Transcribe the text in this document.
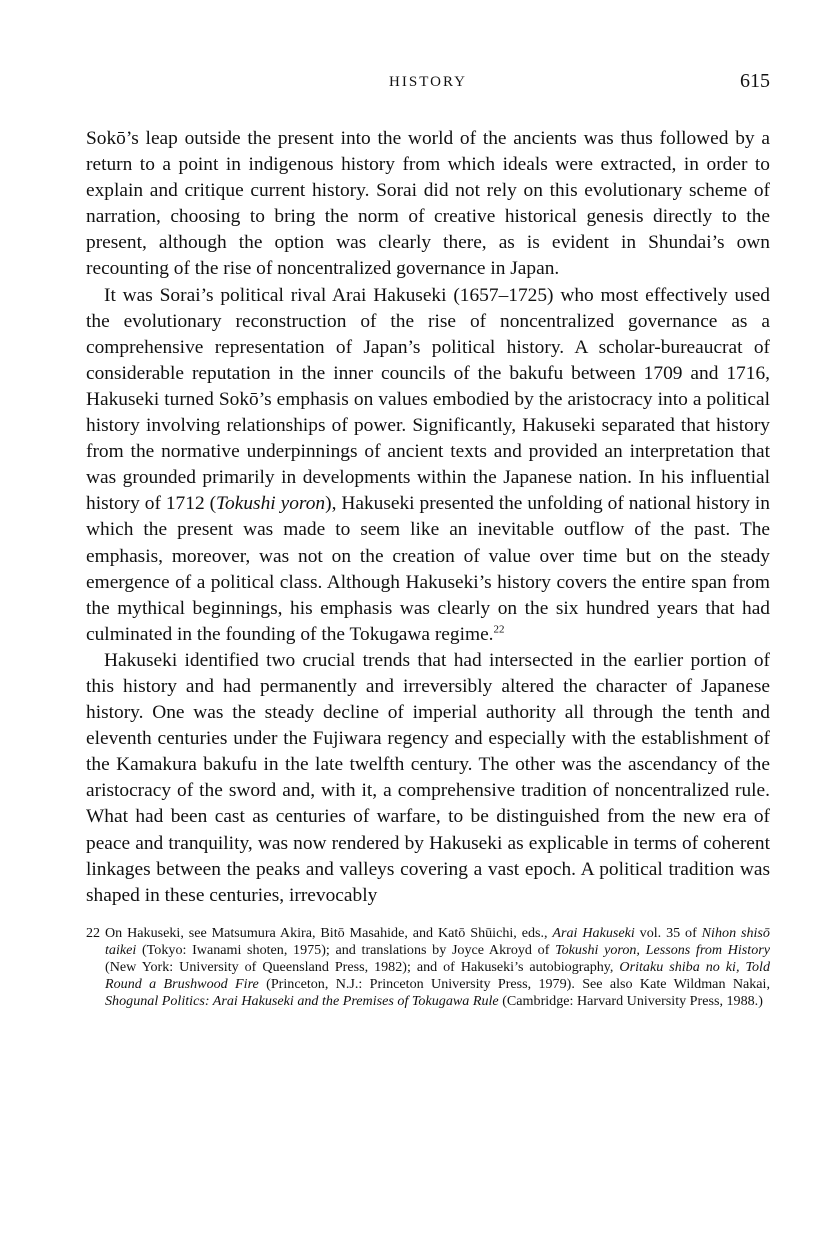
HISTORY	615

Sokō’s leap outside the present into the world of the ancients was thus followed by a return to a point in indigenous history from which ideals were extracted, in order to explain and critique current history. Sorai did not rely on this evolutionary scheme of narration, choosing to bring the norm of creative historical genesis directly to the present, although the option was clearly there, as is evident in Shundai’s own recounting of the rise of noncentralized governance in Japan.

It was Sorai’s political rival Arai Hakuseki (1657–1725) who most effectively used the evolutionary reconstruction of the rise of noncentralized governance as a comprehensive representation of Japan’s political history. A scholar-bureaucrat of considerable reputation in the inner councils of the bakufu between 1709 and 1716, Hakuseki turned Sokō’s emphasis on values embodied by the aristocracy into a political history involving relationships of power. Significantly, Hakuseki separated that history from the normative underpinnings of ancient texts and provided an interpretation that was grounded primarily in developments within the Japanese nation. In his influential history of 1712 (Tokushi yoron), Hakuseki presented the unfolding of national history in which the present was made to seem like an inevitable outflow of the past. The emphasis, moreover, was not on the creation of value over time but on the steady emergence of a political class. Although Hakuseki’s history covers the entire span from the mythical beginnings, his emphasis was clearly on the six hundred years that had culminated in the founding of the Tokugawa regime.$^{22}$

Hakuseki identified two crucial trends that had intersected in the earlier portion of this history and had permanently and irreversibly altered the character of Japanese history. One was the steady decline of imperial authority all through the tenth and eleventh centuries under the Fujiwara regency and especially with the establishment of the Kamakura bakufu in the late twelfth century. The other was the ascendancy of the aristocracy of the sword and, with it, a comprehensive tradition of noncentralized rule. What had been cast as centuries of warfare, to be distinguished from the new era of peace and tranquility, was now rendered by Hakuseki as explicable in terms of coherent linkages between the peaks and valleys covering a vast epoch. A political tradition was shaped in these centuries, irrevocably

22 On Hakuseki, see Matsumura Akira, Bitō Masahide, and Katō Shūichi, eds., Arai Hakuseki vol. 35 of Nihon shisō taikei (Tokyo: Iwanami shoten, 1975); and translations by Joyce Akroyd of Tokushi yoron, Lessons from History (New York: University of Queensland Press, 1982); and of Hakuseki’s autobiography, Oritaku shiba no ki, Told Round a Brushwood Fire (Princeton, N.J.: Princeton University Press, 1979). See also Kate Wildman Nakai, Shogunal Politics: Arai Hakuseki and the Premises of Tokugawa Rule (Cambridge: Harvard University Press, 1988.)
